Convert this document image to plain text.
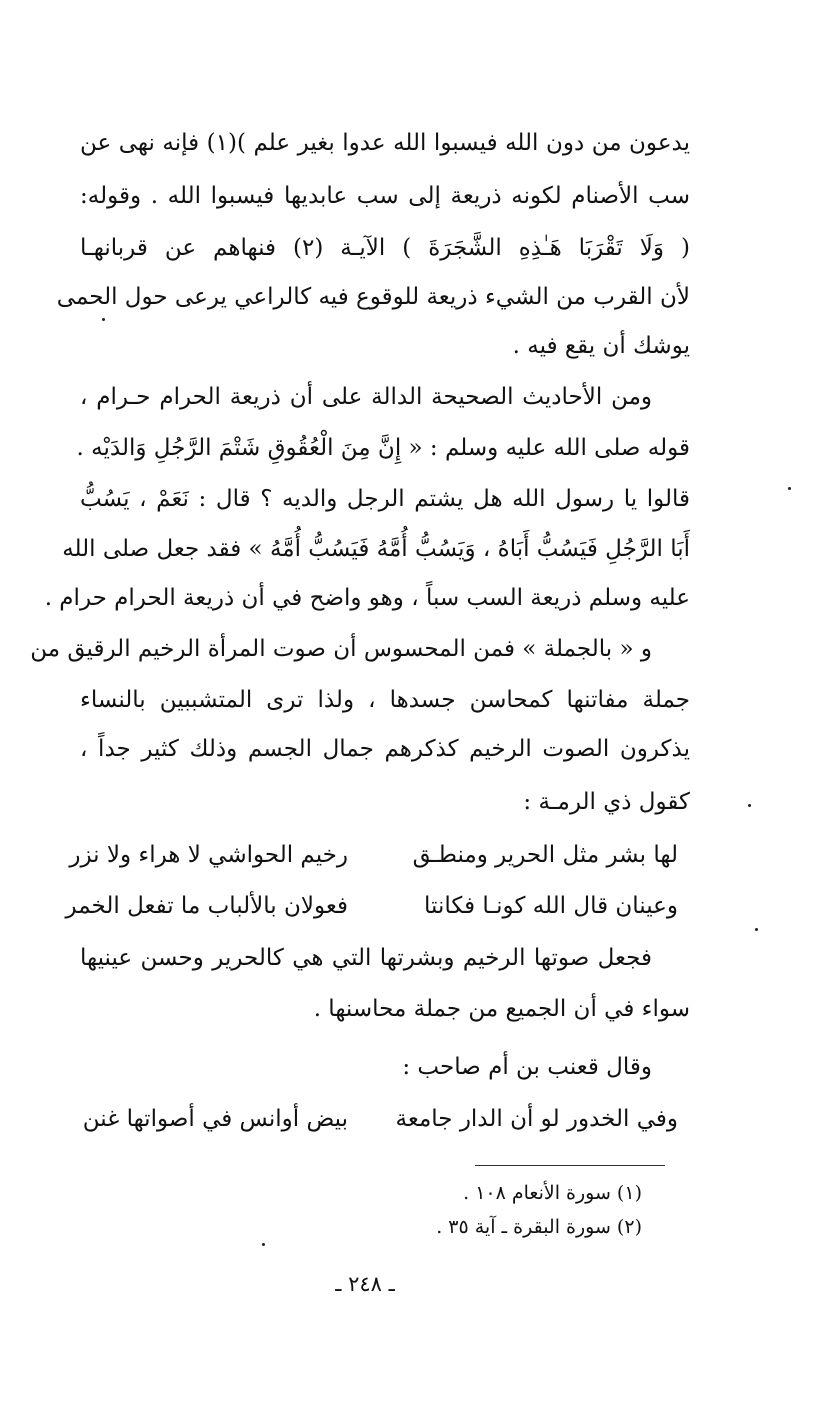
يدعون من دون الله فيسبوا الله عدوا بغير علم )(١) فإنه نهى عن
سب الأصنام لكونه ذريعة إلى سب عابديها فيسبوا الله . وقوله:
( وَلَا تَقْرَبَا هَـٰذِهِ الشَّجَرَةَ ) الآيـة (٢) فنهاهم عن قربانهـا
لأن القرب من الشيء ذريعة للوقوع فيه كالراعي يرعى حول الحمى
يوشك أن يقع فيه .
ومن الأحاديث الصحيحة الدالة على أن ذريعة الحرام حـرام ،
قوله صلى الله عليه وسلم : « إِنَّ مِنَ الْعُقُوقِ شَتْمَ الرَّجُلِ وَالدَيْه .
قالوا يا رسول الله هل يشتم الرجل والديه ؟ قال : نَعَمْ ، يَسُبُّ
أَبَا الرَّجُلِ فَيَسُبُّ أَبَاهُ ، وَيَسُبُّ أُمَّهُ فَيَسُبُّ أُمَّهُ » فقد جعل صلى الله
عليه وسلم ذريعة السب سباً ، وهو واضح في أن ذريعة الحرام حرام .
و « بالجملة » فمن المحسوس أن صوت المرأة الرخيم الرقيق من
جملة مفاتنها كمحاسن جسدها ، ولذا ترى المتشببين بالنساء
يذكرون الصوت الرخيم كذكرهم جمال الجسم وذلك كثير جداً ،
كقول ذي الرمـة :
لها بشر مثل الحرير ومنطـق
رخيم الحواشي لا هراء ولا نزر
وعينان قال الله كونـا فكانتا
فعولان بالألباب ما تفعل الخمر
فجعل صوتها الرخيم وبشرتها التي هي كالحرير وحسن عينيها
سواء في أن الجميع من جملة محاسنها .
وقال قعنب بن أم صاحب :
وفي الخدور لو أن الدار جامعة
بيض أوانس في أصواتها غنن
(١) سورة الأنعام ١٠٨ .
(٢) سورة البقرة ـ آية ٣٥ .
ـ ٢٤٨ ـ
